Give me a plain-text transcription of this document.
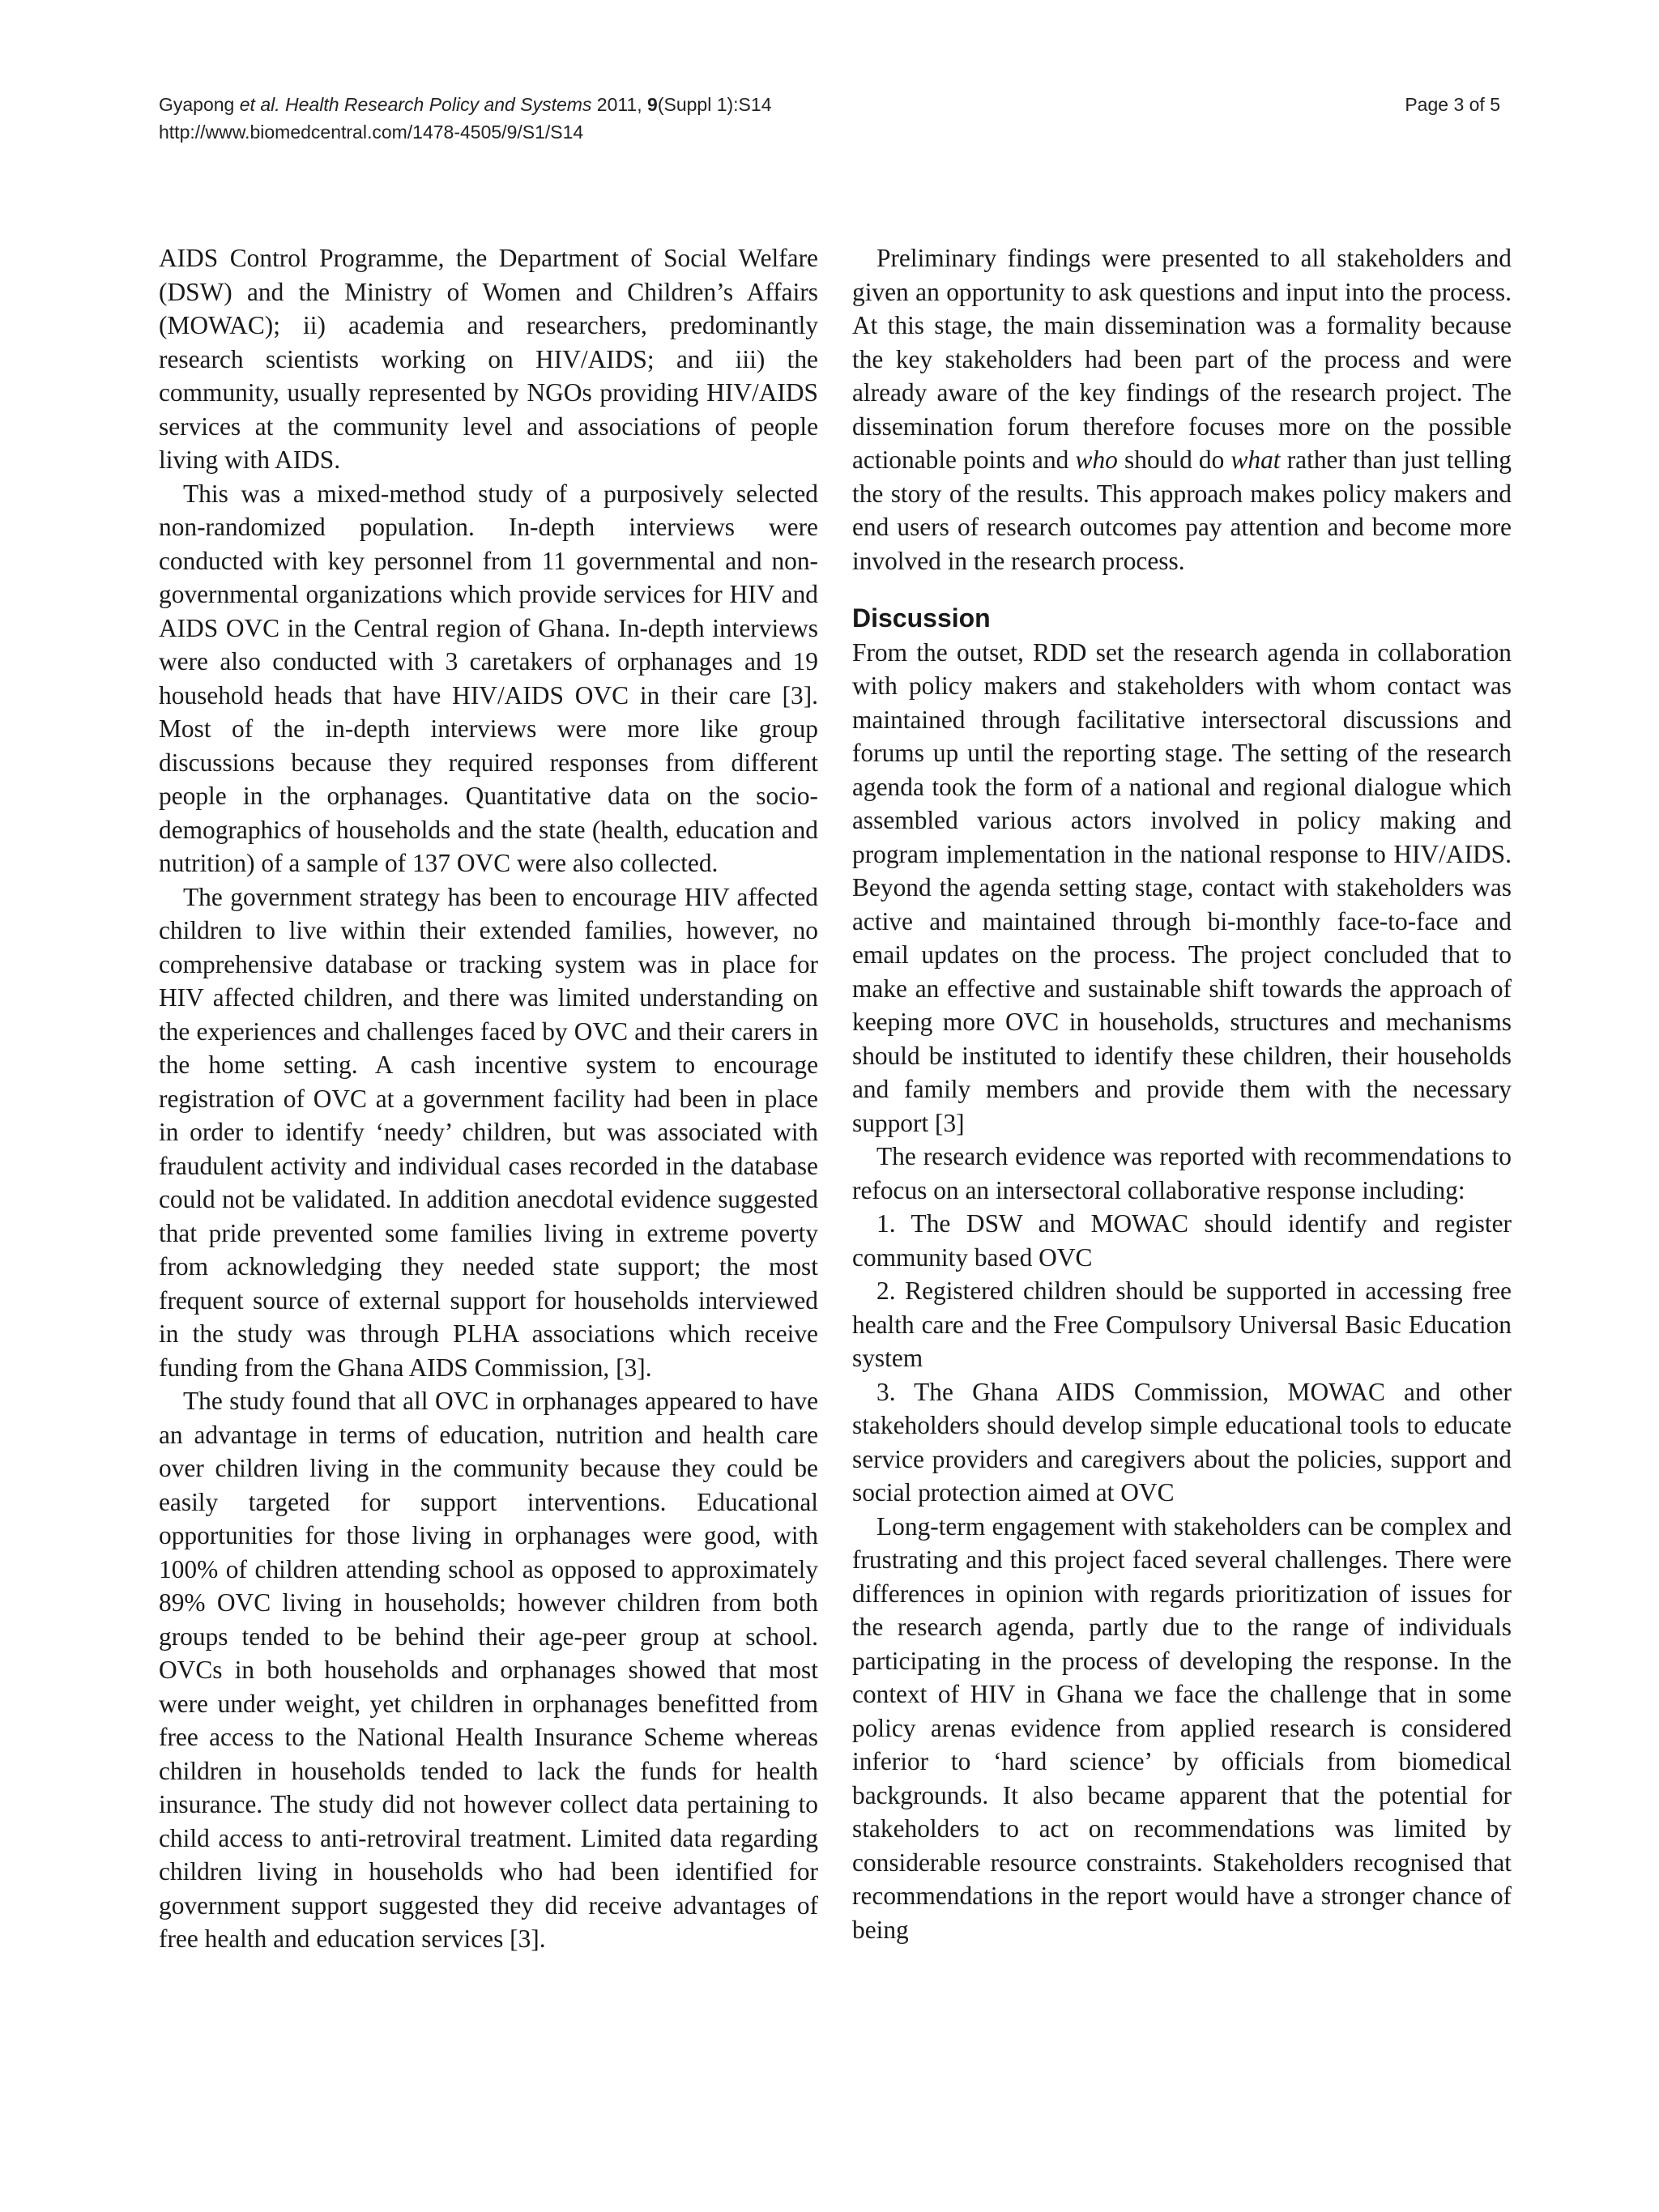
Gyapong et al. Health Research Policy and Systems 2011, 9(Suppl 1):S14
http://www.biomedcentral.com/1478-4505/9/S1/S14
Page 3 of 5

AIDS Control Programme, the Department of Social Welfare (DSW) and the Ministry of Women and Children’s Affairs (MOWAC); ii) academia and researchers, predominantly research scientists working on HIV/AIDS; and iii) the community, usually represented by NGOs providing HIV/AIDS services at the community level and associations of people living with AIDS.

This was a mixed-method study of a purposively selected non-randomized population. In-depth interviews were conducted with key personnel from 11 governmental and non-governmental organizations which provide services for HIV and AIDS OVC in the Central region of Ghana. In-depth interviews were also conducted with 3 caretakers of orphanages and 19 household heads that have HIV/AIDS OVC in their care [3]. Most of the in-depth interviews were more like group discussions because they required responses from different people in the orphanages. Quantitative data on the socio-demographics of households and the state (health, education and nutrition) of a sample of 137 OVC were also collected.

The government strategy has been to encourage HIV affected children to live within their extended families, however, no comprehensive database or tracking system was in place for HIV affected children, and there was limited understanding on the experiences and challenges faced by OVC and their carers in the home setting. A cash incentive system to encourage registration of OVC at a government facility had been in place in order to identify ‘needy’ children, but was associated with fraudulent activity and individual cases recorded in the database could not be validated. In addition anecdotal evidence suggested that pride prevented some families living in extreme poverty from acknowledging they needed state support; the most frequent source of external support for households interviewed in the study was through PLHA associations which receive funding from the Ghana AIDS Commission, [3].

The study found that all OVC in orphanages appeared to have an advantage in terms of education, nutrition and health care over children living in the community because they could be easily targeted for support interventions. Educational opportunities for those living in orphanages were good, with 100% of children attending school as opposed to approximately 89% OVC living in households; however children from both groups tended to be behind their age-peer group at school. OVCs in both households and orphanages showed that most were under weight, yet children in orphanages benefitted from free access to the National Health Insurance Scheme whereas children in households tended to lack the funds for health insurance. The study did not however collect data pertaining to child access to anti-retroviral treatment. Limited data regarding children living in households who had been identified for government support suggested they did receive advantages of free health and education services [3].

Preliminary findings were presented to all stakeholders and given an opportunity to ask questions and input into the process. At this stage, the main dissemination was a formality because the key stakeholders had been part of the process and were already aware of the key findings of the research project. The dissemination forum therefore focuses more on the possible actionable points and who should do what rather than just telling the story of the results. This approach makes policy makers and end users of research outcomes pay attention and become more involved in the research process.

Discussion

From the outset, RDD set the research agenda in collaboration with policy makers and stakeholders with whom contact was maintained through facilitative intersectoral discussions and forums up until the reporting stage. The setting of the research agenda took the form of a national and regional dialogue which assembled various actors involved in policy making and program implementation in the national response to HIV/AIDS. Beyond the agenda setting stage, contact with stakeholders was active and maintained through bi-monthly face-to-face and email updates on the process. The project concluded that to make an effective and sustainable shift towards the approach of keeping more OVC in households, structures and mechanisms should be instituted to identify these children, their households and family members and provide them with the necessary support [3]

The research evidence was reported with recommendations to refocus on an intersectoral collaborative response including:

1. The DSW and MOWAC should identify and register community based OVC

2. Registered children should be supported in accessing free health care and the Free Compulsory Universal Basic Education system

3. The Ghana AIDS Commission, MOWAC and other stakeholders should develop simple educational tools to educate service providers and caregivers about the policies, support and social protection aimed at OVC

Long-term engagement with stakeholders can be complex and frustrating and this project faced several challenges. There were differences in opinion with regards prioritization of issues for the research agenda, partly due to the range of individuals participating in the process of developing the response. In the context of HIV in Ghana we face the challenge that in some policy arenas evidence from applied research is considered inferior to ‘hard science’ by officials from biomedical backgrounds. It also became apparent that the potential for stakeholders to act on recommendations was limited by considerable resource constraints. Stakeholders recognised that recommendations in the report would have a stronger chance of being
